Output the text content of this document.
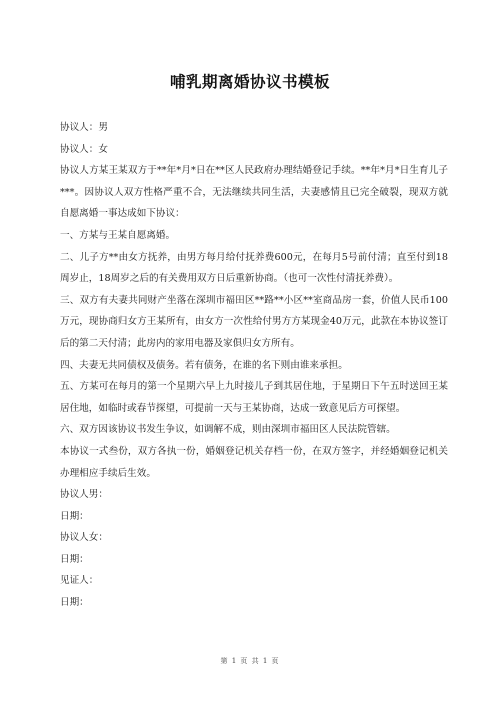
哺乳期离婚协议书模板

协议人：男

协议人：女

协议人方某王某双方于**年*月*日在**区人民政府办理结婚登记手续。**年*月*日生育儿子***。因协议人双方性格严重不合，无法继续共同生活，夫妻感情且已完全破裂，现双方就自愿离婚一事达成如下协议：

一、方某与王某自愿离婚。

二、儿子方**由女方抚养，由男方每月给付抚养费600元，在每月5号前付清；直至付到18周岁止，18周岁之后的有关费用双方日后重新协商。（也可一次性付清抚养费）。

三、双方有夫妻共同财产坐落在深圳市福田区**路**小区**室商品房一套，价值人民币100万元，现协商归女方王某所有，由女方一次性给付男方方某现金40万元，此款在本协议签订后的第二天付清；此房内的家用电器及家俱归女方所有。

四、夫妻无共同债权及债务。若有债务，在谁的名下则由谁来承担。

五、方某可在每月的第一个星期六早上九时接儿子到其居住地，于星期日下午五时送回王某居住地，如临时或春节探望，可提前一天与王某协商，达成一致意见后方可探望。

六、双方因该协议书发生争议，如调解不成，则由深圳市福田区人民法院管辖。

本协议一式叁份，双方各执一份，婚姻登记机关存档一份，在双方签字，并经婚姻登记机关办理相应手续后生效。

协议人男：

日期：

协议人女：

日期：

见证人：

日期：

第 1 页 共 1 页
